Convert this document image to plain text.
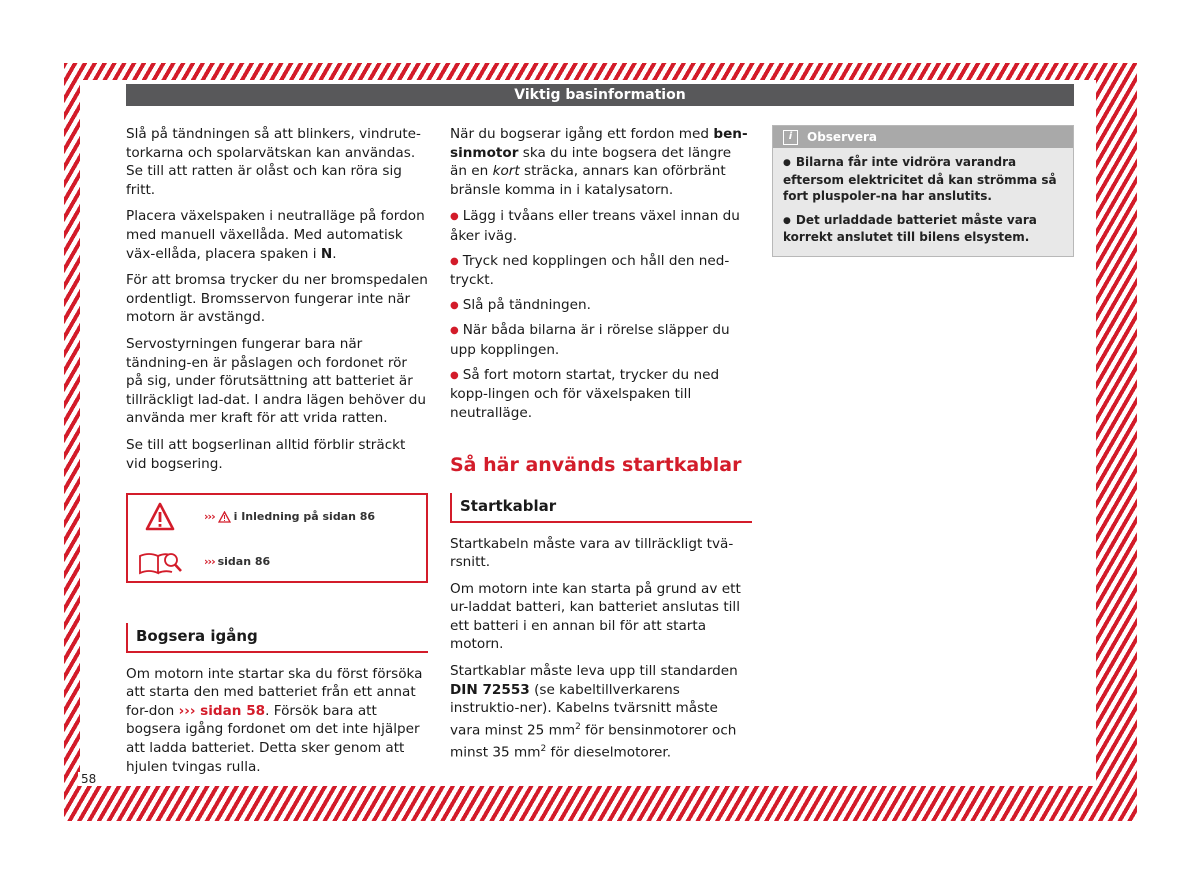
Viktig basinformation

Slå på tändningen så att blinkers, vindrute-torkarna och spolarvätskan kan användas. Se till att ratten är olåst och kan röra sig fritt.

Placera växelspaken i neutralläge på fordon med manuell växellåda. Med automatisk väx-ellåda, placera spaken i N.

För att bromsa trycker du ner bromspedalen ordentligt. Bromsservon fungerar inte när motorn är avstängd.

Servostyrningen fungerar bara när tändning-en är påslagen och fordonet rör på sig, under förutsättning att batteriet är tillräckligt lad-dat. I andra lägen behöver du använda mer kraft för att vrida ratten.

Se till att bogserlinan alltid förblir sträckt vid bogsering.

››› i Inledning på sidan 86
››› sidan 86
Bogsera igång

Om motorn inte startar ska du först försöka att starta den med batteriet från ett annat for-don ››› sidan 58. Försök bara att bogsera igång fordonet om det inte hjälper att ladda batteriet. Detta sker genom att hjulen tvingas rulla.

När du bogserar igång ett fordon med ben-sinmotor ska du inte bogsera det längre än en kort sträcka, annars kan oförbränt bränsle komma in i katalysatorn.

● Lägg i tvåans eller treans växel innan du åker iväg.
● Tryck ned kopplingen och håll den ned-tryckt.
● Slå på tändningen.
● När båda bilarna är i rörelse släpper du upp kopplingen.
● Så fort motorn startat, trycker du ned kopp-lingen och för växelspaken till neutralläge.
Så här används startkablar
Startkablar

Startkabeln måste vara av tillräckligt tvä-rsnitt.

Om motorn inte kan starta på grund av ett ur-laddat batteri, kan batteriet anslutas till ett batteri i en annan bil för att starta motorn.

Startkablar måste leva upp till standarden DIN 72553 (se kabeltillverkarens instruktio-ner). Kabelns tvärsnitt måste vara minst 25 $mm^2$ för bensinmotorer och minst 35 $mm^2$ för dieselmotorer.

i	Observera
● Bilarna får inte vidröra varandra eftersom elektricitet då kan strömma så fort pluspoler-na har anslutits.
● Det urladdade batteriet måste vara korrekt anslutet till bilens elsystem.
58
